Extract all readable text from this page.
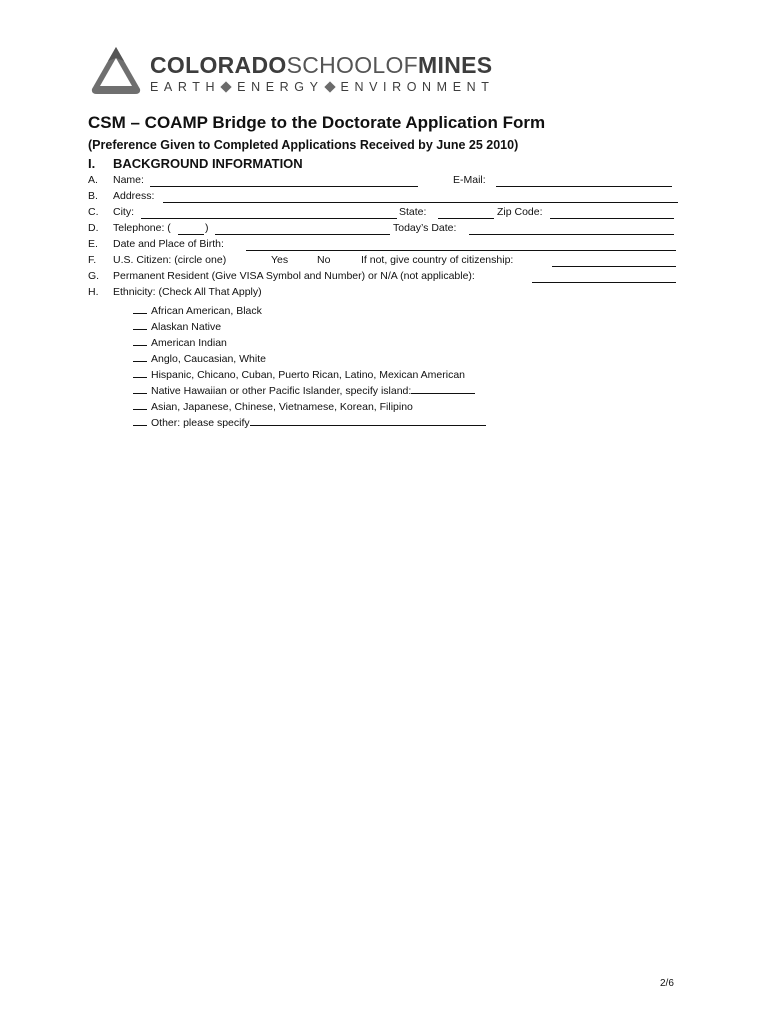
COLORADOSCHOOLOFMINES
EARTH ENERGY ENVIRONMENT
CSM – COAMP Bridge to the Doctorate Application Form
(Preference Given to Completed Applications Received by June 25 2010)
I. BACKGROUND INFORMATION
A. Name:	E-Mail:
B. Address:
C. City:	State:	Zip Code:
D. Telephone: (	)	Today’s Date:
E. Date and Place of Birth:
F. U.S. Citizen: (circle one)	Yes	No	If not, give country of citizenship:
G. Permanent Resident (Give VISA Symbol and Number) or N/A (not applicable):
H. Ethnicity: (Check All That Apply)
African American, Black
Alaskan Native
American Indian
Anglo, Caucasian, White
Hispanic, Chicano, Cuban, Puerto Rican, Latino, Mexican American
Native Hawaiian or other Pacific Islander, specify island:
Asian, Japanese, Chinese, Vietnamese, Korean, Filipino
Other: please specify
2/6
